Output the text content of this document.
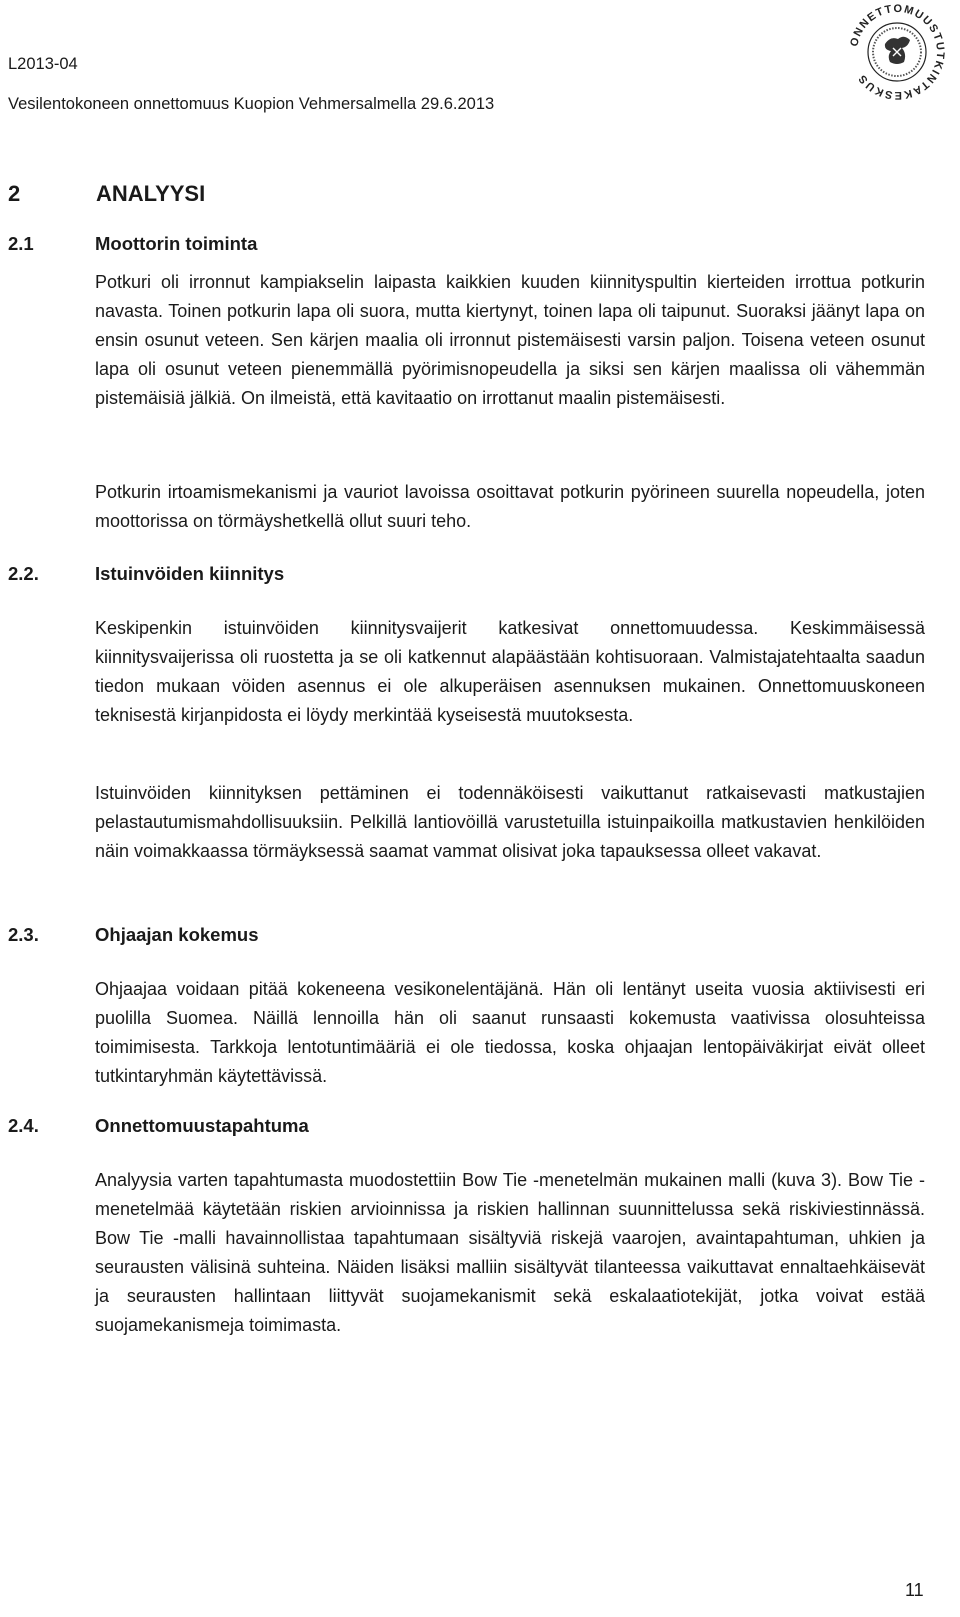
L2013-04
Vesilentokoneen onnettomuus Kuopion Vehmersalmella 29.6.2013
ONNETTOMUUSTUTKINTAKESKUS
2	ANALYYSI
2.1	Moottorin toiminta

Potkuri oli irronnut kampiakselin laipasta kaikkien kuuden kiinnityspultin kierteiden irrottua potkurin navasta. Toinen potkurin lapa oli suora, mutta kiertynyt, toinen lapa oli taipunut. Suoraksi jäänyt lapa on ensin osunut veteen. Sen kärjen maalia oli irronnut pistemäisesti varsin paljon. Toisena veteen osunut lapa oli osunut veteen pienemmällä pyörimisnopeudella ja siksi sen kärjen maalissa oli vähemmän pistemäisiä jälkiä. On ilmeistä, että kavitaatio on irrottanut maalin pistemäisesti.

Potkurin irtoamismekanismi ja vauriot lavoissa osoittavat potkurin pyörineen suurella nopeudella, joten moottorissa on törmäyshetkellä ollut suuri teho.

2.2.	Istuinvöiden kiinnitys

Keskipenkin istuinvöiden kiinnitysvaijerit katkesivat onnettomuudessa. Keskimmäisessä kiinnitysvaijerissa oli ruostetta ja se oli katkennut alapäästään kohtisuoraan. Valmistajatehtaalta saadun tiedon mukaan vöiden asennus ei ole alkuperäisen asennuksen mukainen. Onnettomuuskoneen teknisestä kirjanpidosta ei löydy merkintää kyseisestä muutoksesta.

Istuinvöiden kiinnityksen pettäminen ei todennäköisesti vaikuttanut ratkaisevasti matkustajien pelastautumismahdollisuuksiin. Pelkillä lantiovöillä varustetuilla istuinpaikoilla matkustavien henkilöiden näin voimakkaassa törmäyksessä saamat vammat olisivat joka tapauksessa olleet vakavat.

2.3.	Ohjaajan kokemus

Ohjaajaa voidaan pitää kokeneena vesikonelentäjänä. Hän oli lentänyt useita vuosia aktiivisesti eri puolilla Suomea. Näillä lennoilla hän oli saanut runsaasti kokemusta vaativissa olosuhteissa toimimisesta. Tarkkoja lentotuntimääriä ei ole tiedossa, koska ohjaajan lentopäiväkirjat eivät olleet tutkintaryhmän käytettävissä.

2.4.	Onnettomuustapahtuma

Analyysia varten tapahtumasta muodostettiin Bow Tie -menetelmän mukainen malli (kuva 3). Bow Tie -menetelmää käytetään riskien arvioinnissa ja riskien hallinnan suunnittelussa sekä riskiviestinnässä. Bow Tie -malli havainnollistaa tapahtumaan sisältyviä riskejä vaarojen, avaintapahtuman, uhkien ja seurausten välisinä suhteina. Näiden lisäksi malliin sisältyvät tilanteessa vaikuttavat ennaltaehkäisevät ja seurausten hallintaan liittyvät suojamekanismit sekä eskalaatiotekijät, jotka voivat estää suojamekanismeja toimimasta.

11
